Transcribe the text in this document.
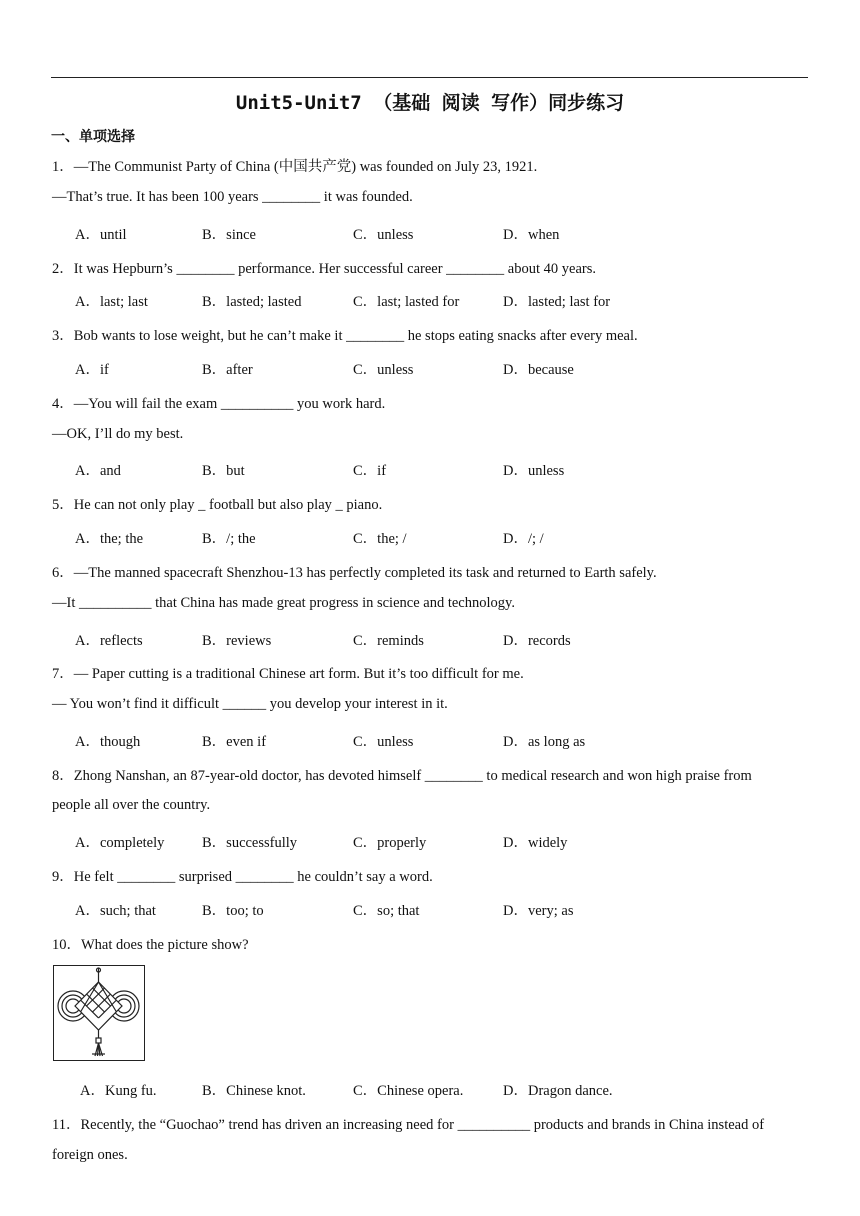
Unit5-Unit7 （基础 阅读 写作）同步练习
一、单项选择
1．—The Communist Party of China (中国共产党) was founded on July 23, 1921.
—That’s true. It has been 100 years ________ it was founded.
A．until	B．since	C．unless	D．when
2．It was Hepburn’s ________ performance. Her successful career ________ about 40 years.
A．last; last	B．lasted; lasted	C．last; lasted for	D．lasted; last for
3．Bob wants to lose weight, but he can’t make it ________ he stops eating snacks after every meal.
A．if	B．after	C．unless	D．because
4．—You will fail the exam __________ you work hard.
—OK, I’ll do my best.
A．and	B．but	C．if	D．unless
5．He can not only play _ football but also play _ piano.
A．the; the	B．/; the	C．the; /	D．/; /
6．—The manned spacecraft Shenzhou-13 has perfectly completed its task and returned to Earth safely.
—It __________ that China has made great progress in science and technology.
A．reflects	B．reviews	C．reminds	D．records
7．— Paper cutting is a traditional Chinese art form. But it’s too difficult for me.
— You won’t find it difficult ______ you develop your interest in it.
A．though	B．even if	C．unless	D．as long as
8．Zhong Nanshan, an 87-year-old doctor, has devoted himself ________ to medical research and won high praise from
people all over the country.
A．completely	B．successfully	C．properly	D．widely
9．He felt ________ surprised ________ he couldn’t say a word.
A．such; that	B．too; to	C．so; that	D．very; as
10．What does the picture show?
A．Kung fu.	B．Chinese knot.	C．Chinese opera.	D．Dragon dance.
11．Recently, the “Guochao” trend has driven an increasing need for __________ products and brands in China instead of
foreign ones.
